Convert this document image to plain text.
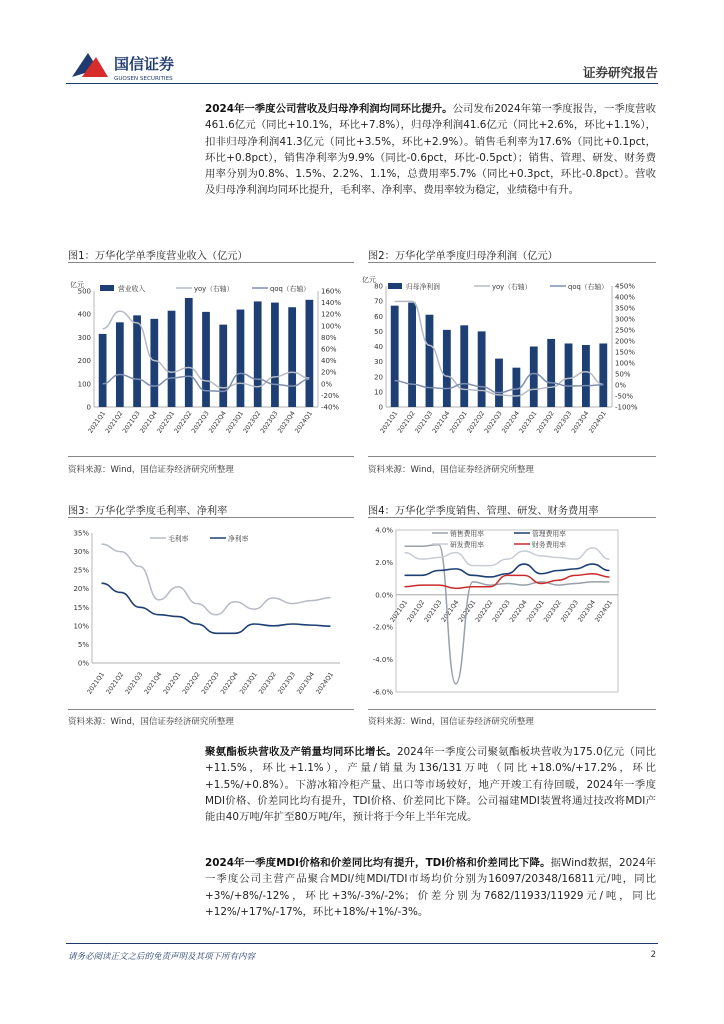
国信证券
GUOSEN SECURITIES	证券研究报告
2024年一季度公司营收及归母净利润均同环比提升。公司发布2024年第一季度报告，一季度营收461.6亿元（同比+10.1%，环比+7.8%），归母净利润41.6亿元（同比+2.6%，环比+1.1%），扣非归母净利润41.3亿元（同比+3.5%，环比+2.9%）。销售毛利率为17.6%（同比+0.1pct，环比+0.8pct），销售净利率为9.9%（同比-0.6pct，环比-0.5pct）；销售、管理、研发、财务费用率分别为0.8%、1.5%、2.2%、1.1%，总费用率5.7%（同比+0.3pct，环比-0.8pct）。营收及归母净利润均同环比提升，毛利率、净利率、费用率较为稳定，业绩稳中有升。
图1：万华化学单季度营业收入（亿元）	图2：万华化学单季度归母净利润（亿元）
0
100
200
300
400
500
-40%
-20%
0%
20%
40%
60%
80%
100%
120%
140%
160%
亿元
2021Q1
2021Q2
2021Q3
2021Q4
2022Q1
2022Q2
2022Q3
2022Q4
2023Q1
2023Q2
2023Q3
2023Q4
2024Q1
营业收入	yoy（右轴）	qoq（右轴）
0
10
20
30
40
50
60
70
80
-100%
-50%
0%
50%
100%
150%
200%
250%
300%
350%
400%
450%
亿元
2021Q1
2021Q2
2021Q3
2021Q4
2022Q1
2022Q2
2022Q3
2022Q4
2023Q1
2023Q2
2023Q3
2023Q4
2024Q1
归母净利润	yoy（右轴）	qoq（右轴）
资料来源：Wind，国信证券经济研究所整理	资料来源：Wind，国信证券经济研究所整理
图3：万华化学季度毛利率、净利率	图4：万华化学季度销售、管理、研发、财务费用率
0%
5%
10%
15%
20%
25%
30%
35%
2021Q1 2021Q2 2021Q3 2021Q4 2022Q1 2022Q2 2022Q3 2022Q4 2023Q1 2023Q2 2023Q3 2023Q4 2024Q1
毛利率	净利率
-6.0%
-4.0%
-2.0%
0.0%
2.0%
4.0%
2021Q1
2021Q2
2021Q3
2021Q4
2022Q1
2022Q2
2022Q3
2022Q4
2023Q1
2023Q2
2023Q3
2023Q4
2024Q1
销售费用率	管理费用率
研发费用率	财务费用率
资料来源：Wind，国信证券经济研究所整理	资料来源：Wind，国信证券经济研究所整理
聚氨酯板块营收及产销量均同环比增长。2024年一季度公司聚氨酯板块营收为175.0亿元（同比+11.5%，环比+1.1%），产量/销量为136/131万吨（同比+18.0%/+17.2%，环比+1.5%/+0.8%）。下游冰箱冷柜产量、出口等市场较好，地产开竣工有待回暖，2024年一季度MDI价格、价差同比均有提升，TDI价格、价差同比下降。公司福建MDI装置将通过技改将MDI产能由40万吨/年扩至80万吨/年，预计将于今年上半年完成。
2024年一季度MDI价格和价差同比均有提升，TDI价格和价差同比下降。据Wind数据，2024年一季度公司主营产品聚合MDI/纯MDI/TDI市场均价分别为16097/20348/16811元/吨，同比+3%/+8%/-12%，环比+3%/-3%/-2%；价差分别为7682/11933/11929元/吨，同比+12%/+17%/-17%，环比+18%/+1%/-3%。
请务必阅读正文之后的免责声明及其项下所有内容	2
